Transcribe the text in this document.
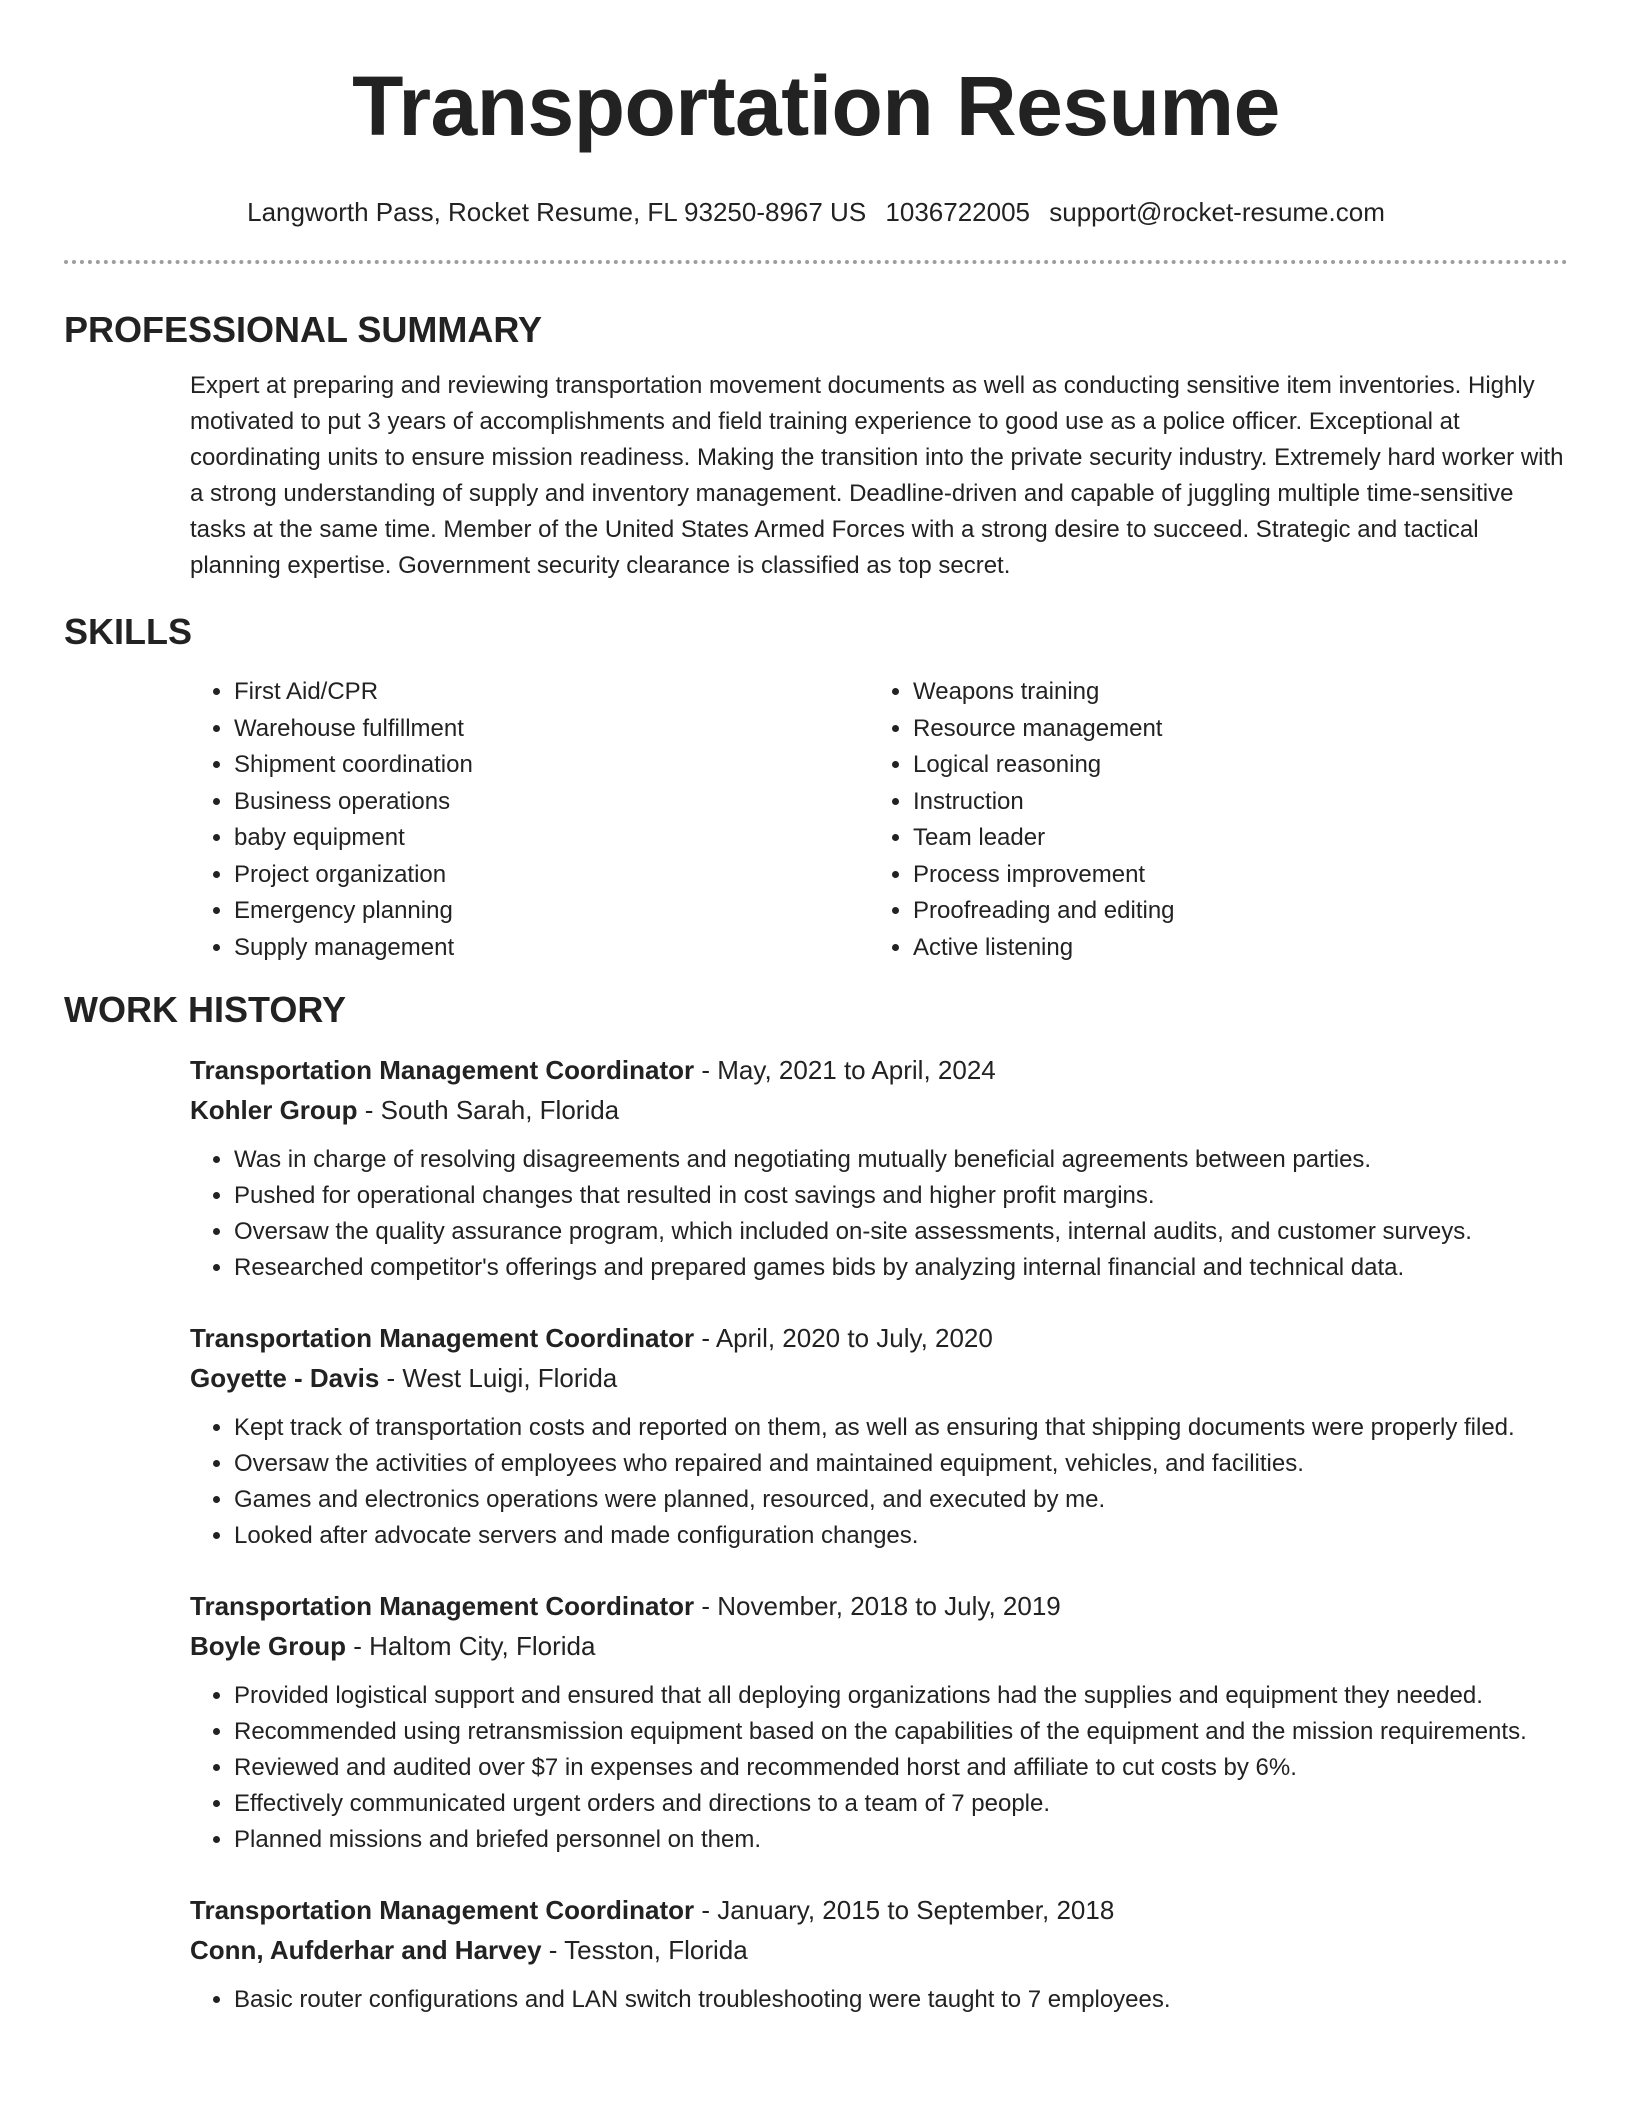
Transportation Resume
Langworth Pass, Rocket Resume, FL 93250-8967 US 1036722005 support@rocket-resume.com
PROFESSIONAL SUMMARY
Expert at preparing and reviewing transportation movement documents as well as conducting sensitive item inventories. Highly motivated to put 3 years of accomplishments and field training experience to good use as a police officer. Exceptional at coordinating units to ensure mission readiness. Making the transition into the private security industry. Extremely hard worker with a strong understanding of supply and inventory management. Deadline-driven and capable of juggling multiple time-sensitive tasks at the same time. Member of the United States Armed Forces with a strong desire to succeed. Strategic and tactical planning expertise. Government security clearance is classified as top secret.
SKILLS
• First Aid/CPR
• Warehouse fulfillment
• Shipment coordination
• Business operations
• baby equipment
• Project organization
• Emergency planning
• Supply management
• Weapons training
• Resource management
• Logical reasoning
• Instruction
• Team leader
• Process improvement
• Proofreading and editing
• Active listening
WORK HISTORY
Transportation Management Coordinator - May, 2021 to April, 2024
Kohler Group - South Sarah, Florida
• Was in charge of resolving disagreements and negotiating mutually beneficial agreements between parties.
• Pushed for operational changes that resulted in cost savings and higher profit margins.
• Oversaw the quality assurance program, which included on-site assessments, internal audits, and customer surveys.
• Researched competitor's offerings and prepared games bids by analyzing internal financial and technical data.
Transportation Management Coordinator - April, 2020 to July, 2020
Goyette - Davis - West Luigi, Florida
• Kept track of transportation costs and reported on them, as well as ensuring that shipping documents were properly filed.
• Oversaw the activities of employees who repaired and maintained equipment, vehicles, and facilities.
• Games and electronics operations were planned, resourced, and executed by me.
• Looked after advocate servers and made configuration changes.
Transportation Management Coordinator - November, 2018 to July, 2019
Boyle Group - Haltom City, Florida
• Provided logistical support and ensured that all deploying organizations had the supplies and equipment they needed.
• Recommended using retransmission equipment based on the capabilities of the equipment and the mission requirements.
• Reviewed and audited over $7 in expenses and recommended horst and affiliate to cut costs by 6%.
• Effectively communicated urgent orders and directions to a team of 7 people.
• Planned missions and briefed personnel on them.
Transportation Management Coordinator - January, 2015 to September, 2018
Conn, Aufderhar and Harvey - Tesston, Florida
• Basic router configurations and LAN switch troubleshooting were taught to 7 employees.
